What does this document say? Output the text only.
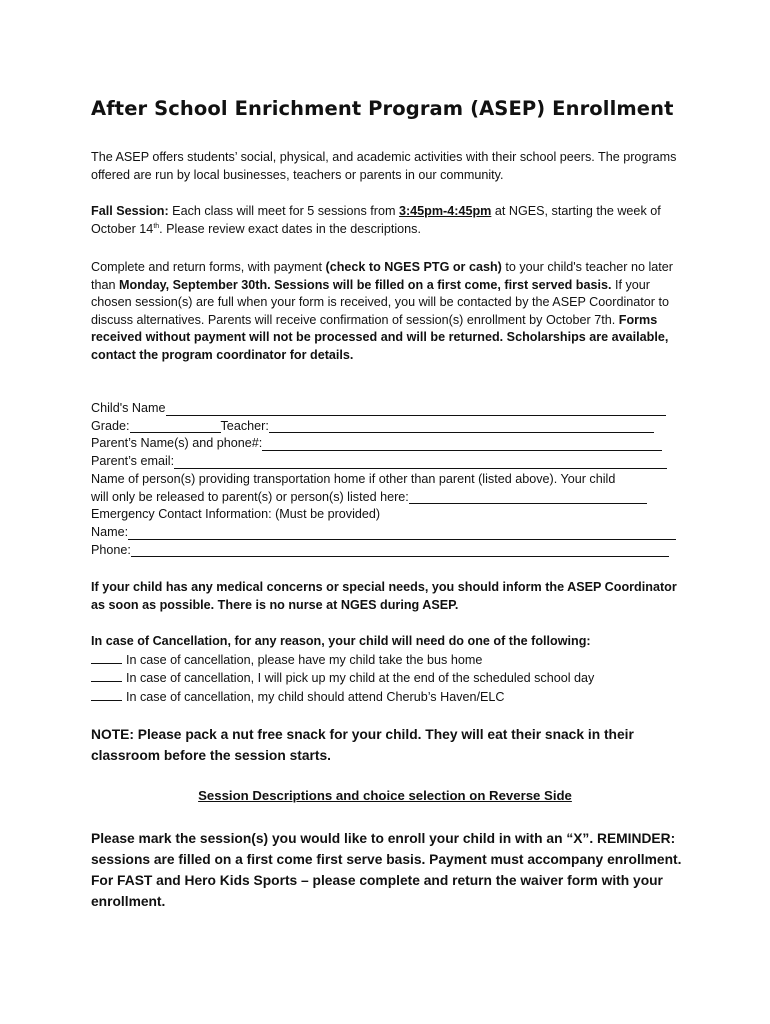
After School Enrichment Program (ASEP) Enrollment
The ASEP offers students’ social, physical, and academic activities with their school peers. The programs offered are run by local businesses, teachers or parents in our community.
Fall Session: Each class will meet for 5 sessions from 3:45pm-4:45pm at NGES, starting the week of October 14th. Please review exact dates in the descriptions.
Complete and return forms, with payment (check to NGES PTG or cash) to your child's teacher no later than Monday, September 30th. Sessions will be filled on a first come, first served basis. If your chosen session(s) are full when your form is received, you will be contacted by the ASEP Coordinator to discuss alternatives. Parents will receive confirmation of session(s) enrollment by October 7th. Forms received without payment will not be processed and will be returned. Scholarships are available, contact the program coordinator for details.
Child's Name
Grade:	Teacher:
Parent’s Name(s) and phone#:
Parent’s email:
Name of person(s) providing transportation home if other than parent (listed above). Your child
will only be released to parent(s) or person(s) listed here:
Emergency Contact Information: (Must be provided)
Name:
Phone:
If your child has any medical concerns or special needs, you should inform the ASEP Coordinator as soon as possible. There is no nurse at NGES during ASEP.
In case of Cancellation, for any reason, your child will need do one of the following:
In case of cancellation, please have my child take the bus home
In case of cancellation, I will pick up my child at the end of the scheduled school day
In case of cancellation, my child should attend Cherub’s Haven/ELC
NOTE: Please pack a nut free snack for your child. They will eat their snack in their classroom before the session starts.
Session Descriptions and choice selection on Reverse Side
Please mark the session(s) you would like to enroll your child in with an “X”. REMINDER: sessions are filled on a first come first serve basis. Payment must accompany enrollment. For FAST and Hero Kids Sports – please complete and return the waiver form with your enrollment.
